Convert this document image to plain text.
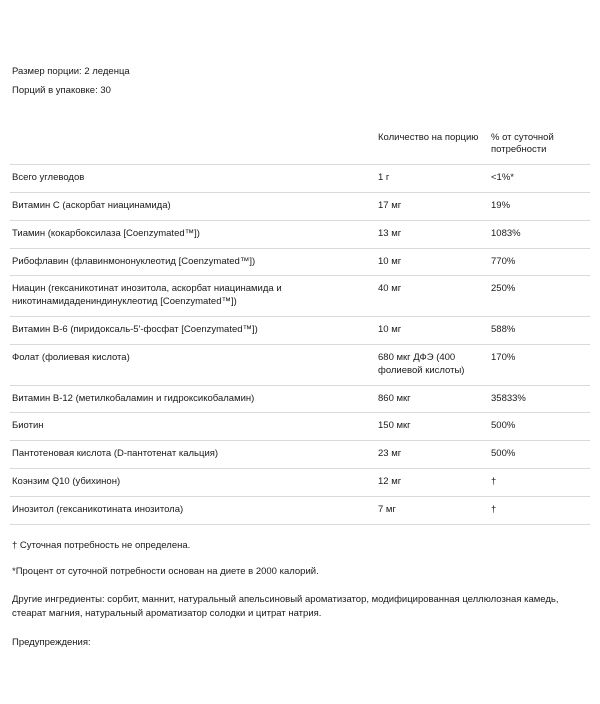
Размер порции: 2 леденца
Порций в упаковке: 30

	Количество на порцию	% от суточной потребности
Всего углеводов	1 г	<1%*
Витамин C (аскорбат ниацинамида)	17 мг	19%
Тиамин (кокарбоксилаза [Coenzymated™])	13 мг	1083%
Рибофлавин (флавинмононуклеотид [Coenzymated™])	10 мг	770%
Ниацин (гексаникотинат инозитола, аскорбат ниацинамида и никотинамидадениндинуклеотид [Coenzymated™])	40 мг	250%
Витамин B-6 (пиридоксаль-5'-фосфат [Coenzymated™])	10 мг	588%
Фолат (фолиевая кислота)	680 мкг ДФЭ (400 фолиевой кислоты)	170%
Витамин B-12 (метилкобаламин и гидроксикобаламин)	860 мкг	35833%
Биотин	150 мкг	500%
Пантотеновая кислота (D-пантотенат кальция)	23 мг	500%
Коэнзим Q10 (убихинон)	12 мг	†
Инозитол (гексаникотината инозитола)	7 мг	†

† Суточная потребность не определена.

*Процент от суточной потребности основан на диете в 2000 калорий.

Другие ингредиенты: сорбит, маннит, натуральный апельсиновый ароматизатор, модифицированная целлюлозная камедь, стеарат магния, натуральный ароматизатор солодки и цитрат натрия.

Предупреждения:
